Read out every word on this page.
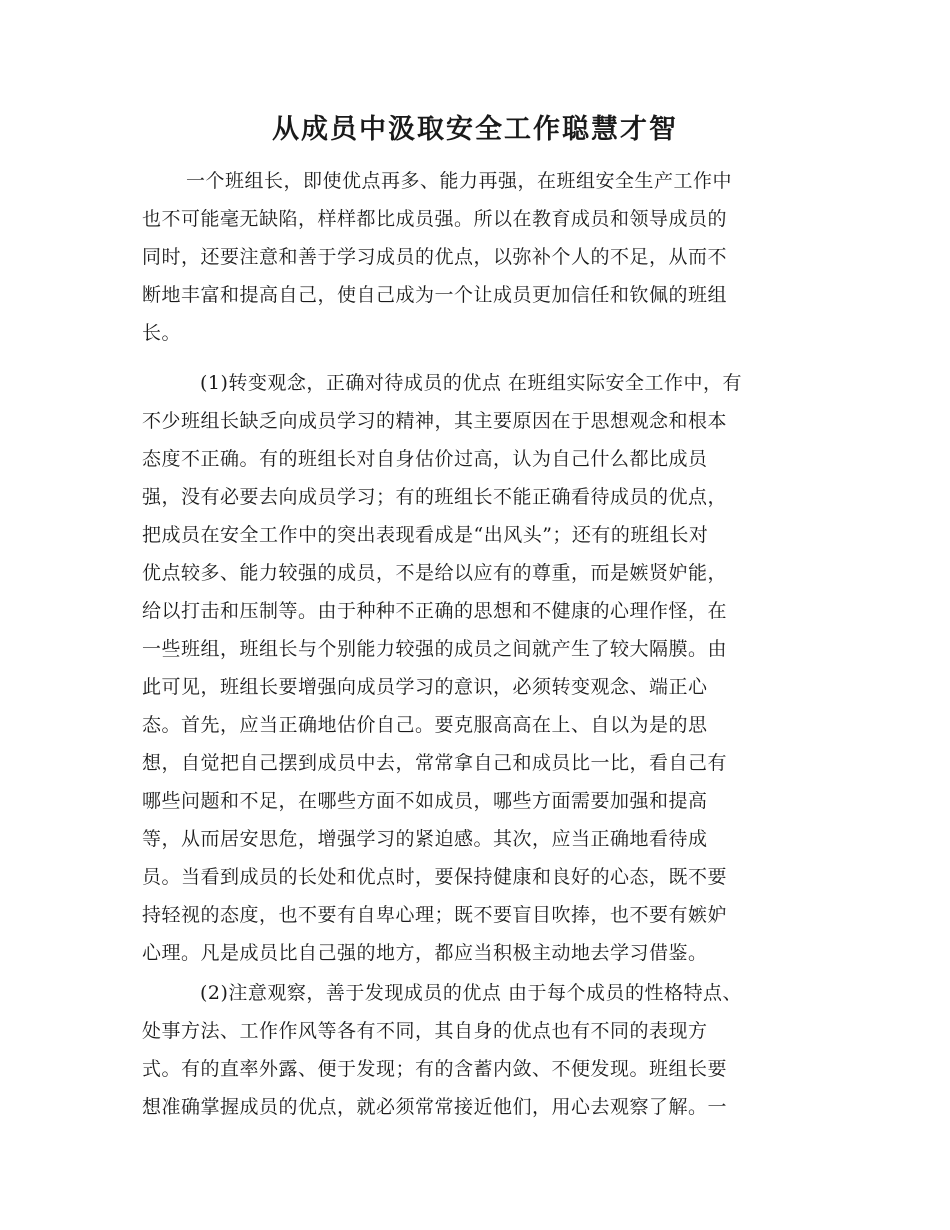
从成员中汲取安全工作聪慧才智
一个班组长，即使优点再多、能力再强，在班组安全生产工作中
也不可能毫无缺陷，样样都比成员强。所以在教育成员和领导成员的
同时，还要注意和善于学习成员的优点，以弥补个人的不足，从而不
断地丰富和提高自己，使自己成为一个让成员更加信任和钦佩的班组
长。
(1)转变观念，正确对待成员的优点 在班组实际安全工作中，有
不少班组长缺乏向成员学习的精神，其主要原因在于思想观念和根本
态度不正确。有的班组长对自身估价过高，认为自己什么都比成员
强，没有必要去向成员学习；有的班组长不能正确看待成员的优点，
把成员在安全工作中的突出表现看成是“出风头”；还有的班组长对
优点较多、能力较强的成员，不是给以应有的尊重，而是嫉贤妒能，
给以打击和压制等。由于种种不正确的思想和不健康的心理作怪，在
一些班组，班组长与个别能力较强的成员之间就产生了较大隔膜。由
此可见，班组长要增强向成员学习的意识，必须转变观念、端正心
态。首先，应当正确地估价自己。要克服高高在上、自以为是的思
想，自觉把自己摆到成员中去，常常拿自己和成员比一比，看自己有
哪些问题和不足，在哪些方面不如成员，哪些方面需要加强和提高
等，从而居安思危，增强学习的紧迫感。其次，应当正确地看待成
员。当看到成员的长处和优点时，要保持健康和良好的心态，既不要
持轻视的态度，也不要有自卑心理；既不要盲目吹捧，也不要有嫉妒
心理。凡是成员比自己强的地方，都应当积极主动地去学习借鉴。
(2)注意观察，善于发现成员的优点 由于每个成员的性格特点、
处事方法、工作作风等各有不同，其自身的优点也有不同的表现方
式。有的直率外露、便于发现；有的含蓄内敛、不便发现。班组长要
想准确掌握成员的优点，就必须常常接近他们，用心去观察了解。一
